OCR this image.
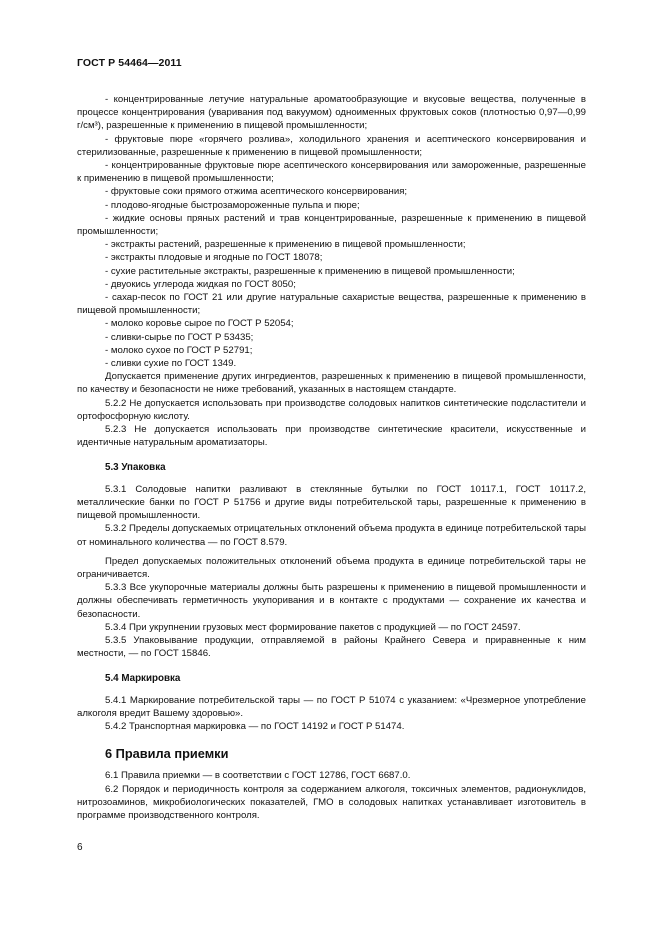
ГОСТ Р 54464—2011

- концентрированные летучие натуральные ароматообразующие и вкусовые вещества, полученные в процессе концентрирования (уваривания под вакуумом) одноименных фруктовых соков (плотностью 0,97—0,99 г/см³), разрешенные к применению в пищевой промышленности;

- фруктовые пюре «горячего розлива», холодильного хранения и асептического консервирования и стерилизованные, разрешенные к применению в пищевой промышленности;

- концентрированные фруктовые пюре асептического консервирования или замороженные, разрешенные к применению в пищевой промышленности;

- фруктовые соки прямого отжима асептического консервирования;

- плодово-ягодные быстрозамороженные пульпа и пюре;

- жидкие основы пряных растений и трав концентрированные, разрешенные к применению в пищевой промышленности;

- экстракты растений, разрешенные к применению в пищевой промышленности;

- экстракты плодовые и ягодные по ГОСТ 18078;

- сухие растительные экстракты, разрешенные к применению в пищевой промышленности;

- двуокись углерода жидкая по ГОСТ 8050;

- сахар-песок по ГОСТ 21 или другие натуральные сахаристые вещества, разрешенные к применению в пищевой промышленности;

- молоко коровье сырое по ГОСТ Р 52054;

- сливки-сырье по ГОСТ Р 53435;

- молоко сухое по ГОСТ Р 52791;

- сливки сухие по ГОСТ 1349.

Допускается применение других ингредиентов, разрешенных к применению в пищевой промышленности, по качеству и безопасности не ниже требований, указанных в настоящем стандарте.

5.2.2 Не допускается использовать при производстве солодовых напитков синтетические подсластители и ортофосфорную кислоту.

5.2.3 Не допускается использовать при производстве синтетические красители, искусственные и идентичные натуральным ароматизаторы.

5.3 Упаковка

5.3.1 Солодовые напитки разливают в стеклянные бутылки по ГОСТ 10117.1, ГОСТ 10117.2, металлические банки по ГОСТ Р 51756 и другие виды потребительской тары, разрешенные к применению в пищевой промышленности.

5.3.2 Пределы допускаемых отрицательных отклонений объема продукта в единице потребительской тары от номинального количества — по ГОСТ 8.579.

Предел допускаемых положительных отклонений объема продукта в единице потребительской тары не ограничивается.

5.3.3 Все укупорочные материалы должны быть разрешены к применению в пищевой промышленности и должны обеспечивать герметичность укупоривания и в контакте с продуктами — сохранение их качества и безопасности.

5.3.4 При укрупнении грузовых мест формирование пакетов с продукцией — по ГОСТ 24597.

5.3.5 Упаковывание продукции, отправляемой в районы Крайнего Севера и приравненные к ним местности, — по ГОСТ 15846.

5.4 Маркировка

5.4.1 Маркирование потребительской тары — по ГОСТ Р 51074 с указанием: «Чрезмерное употребление алкоголя вредит Вашему здоровью».

5.4.2 Транспортная маркировка — по ГОСТ 14192 и ГОСТ Р 51474.

6 Правила приемки

6.1 Правила приемки — в соответствии с ГОСТ 12786, ГОСТ 6687.0.

6.2 Порядок и периодичность контроля за содержанием алкоголя, токсичных элементов, радионуклидов, нитрозоаминов, микробиологических показателей, ГМО в солодовых напитках устанавливает изготовитель в программе производственного контроля.

6
